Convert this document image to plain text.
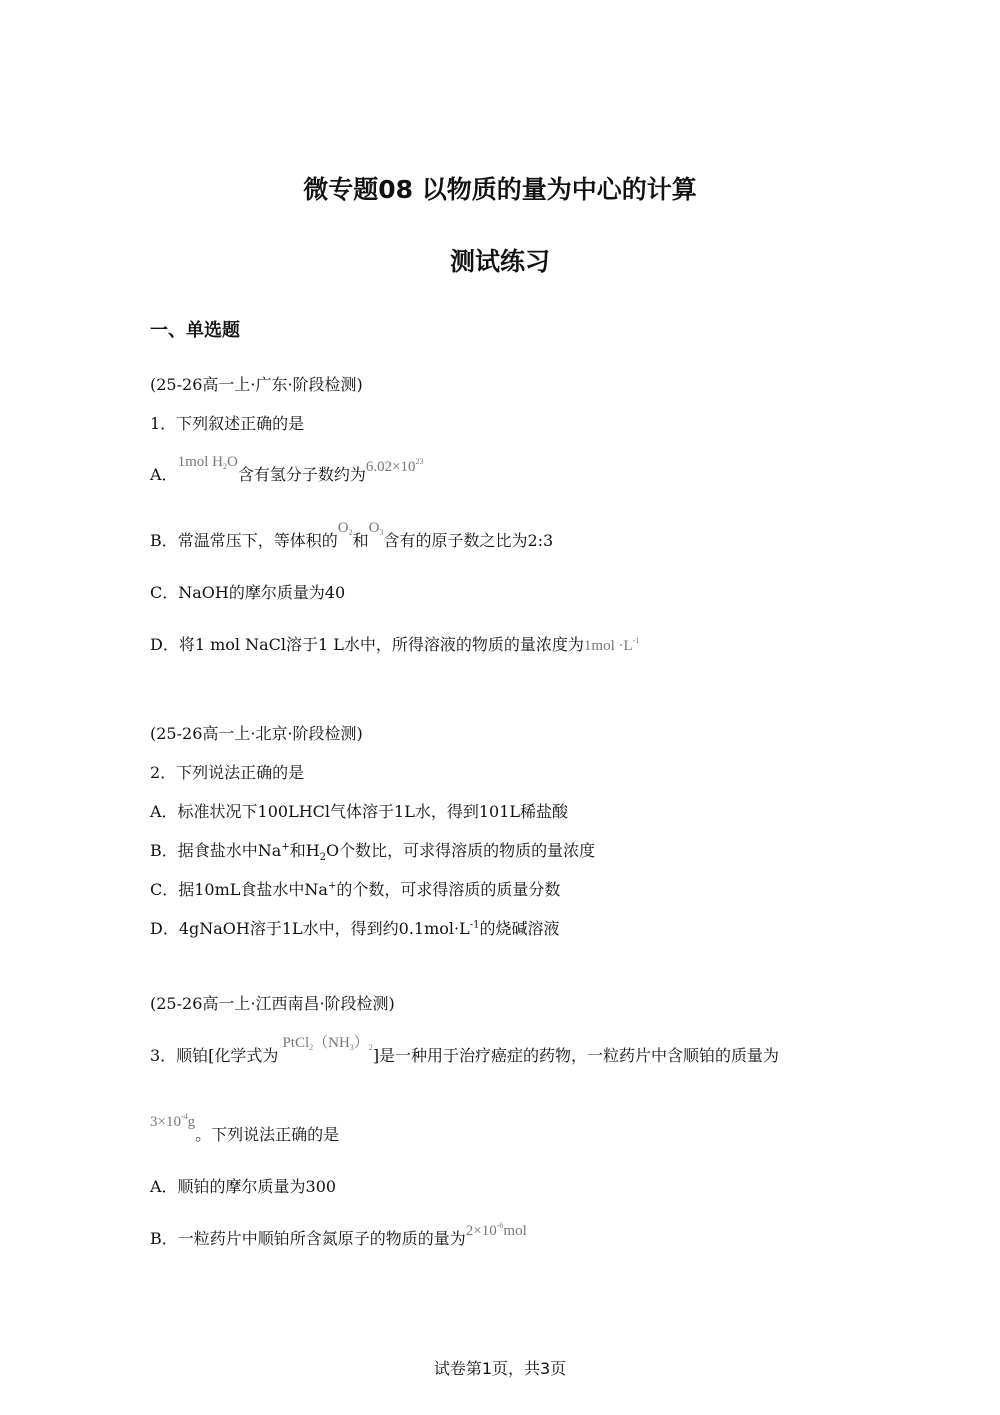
微专题08 以物质的量为中心的计算
测试练习
一、单选题
(25-26高一上·广东·阶段检测)
1．下列叙述正确的是
A．1mol $H_2O$含有氢分子数约为$6.02\times 10^{23}$
B．常温常压下，等体积的$O_2$和$O_3$含有的原子数之比为2:3
C．NaOH的摩尔质量为40
D．将1 mol NaCl溶于1 L水中，所得溶液的物质的量浓度为$1mol \cdot L^{-1}$
(25-26高一上·北京·阶段检测)
2．下列说法正确的是
A．标准状况下100LHCl气体溶于1L水，得到101L稀盐酸
B．据食盐水中Na+和$H_2O$个数比，可求得溶质的物质的量浓度
C．据10mL食盐水中Na+的个数，可求得溶质的质量分数
D．4gNaOH溶于1L水中，得到约$0.1mol\cdot L^{-1}$的烧碱溶液
(25-26高一上·江西南昌·阶段检测)
3．顺铂[化学式为$PtCl_2(NH_3)_2$]是一种用于治疗癌症的药物，一粒药片中含顺铂的质量为
$3\times 10^{-4}g$。下列说法正确的是
A．顺铂的摩尔质量为300
B．一粒药片中顺铂所含氮原子的物质的量为$2\times 10^{-6}mol$
试卷第1页，共3页
